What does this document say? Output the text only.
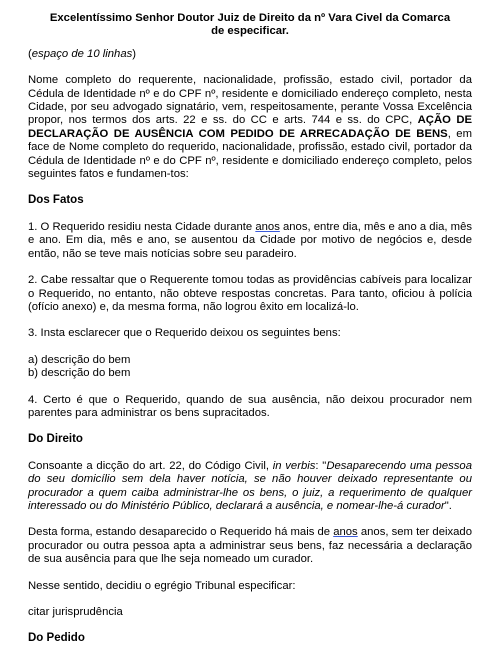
Excelentíssimo Senhor Doutor Juiz de Direito da nº Vara Civel da Comarca
de especificar.

(espaço de 10 linhas)

Nome completo do requerente, nacionalidade, profissão, estado civil, portador da Cédula de Identidade nº e do CPF nº, residente e domiciliado endereço completo, nesta Cidade, por seu advogado signatário, vem, respeitosamente, perante Vossa Excelência propor, nos termos dos arts. 22 e ss. do CC e arts. 744 e ss. do CPC, AÇÃO DE DECLARAÇÃO DE AUSÊNCIA COM PEDIDO DE ARRECADAÇÃO DE BENS, em face de Nome completo do requerido, nacionalidade, profissão, estado civil, portador da Cédula de Identidade nº e do CPF nº, residente e domiciliado endereço completo, pelos seguintes fatos e fundamen-tos:

Dos Fatos

1. O Requerido residiu nesta Cidade durante anos anos, entre dia, mês e ano a dia, mês e ano. Em dia, mês e ano, se ausentou da Cidade por motivo de negócios e, desde então, não se teve mais notícias sobre seu paradeiro.

2. Cabe ressaltar que o Requerente tomou todas as providências cabíveis para localizar o Requerido, no entanto, não obteve respostas concretas. Para tanto, oficiou à polícia (ofício anexo) e, da mesma forma, não logrou êxito em localizá-lo.

3. Insta esclarecer que o Requerido deixou os seguintes bens:

a) descrição do bem

b) descrição do bem

4. Certo é que o Requerido, quando de sua ausência, não deixou procurador nem parentes para administrar os bens supracitados.

Do Direito

Consoante a dicção do art. 22, do Código Civil, in verbis: "Desaparecendo uma pessoa do seu domicílio sem dela haver notícia, se não houver deixado representante ou procurador a quem caiba administrar-lhe os bens, o juiz, a requerimento de qualquer interessado ou do Ministério Público, declarará a ausência, e nomear-lhe-á curador".

Desta forma, estando desaparecido o Requerido há mais de anos anos, sem ter deixado procurador ou outra pessoa apta a administrar seus bens, faz necessária a declaração de sua ausência para que lhe seja nomeado um curador.

Nesse sentido, decidiu o egrégio Tribunal especificar:

citar jurisprudência

Do Pedido
